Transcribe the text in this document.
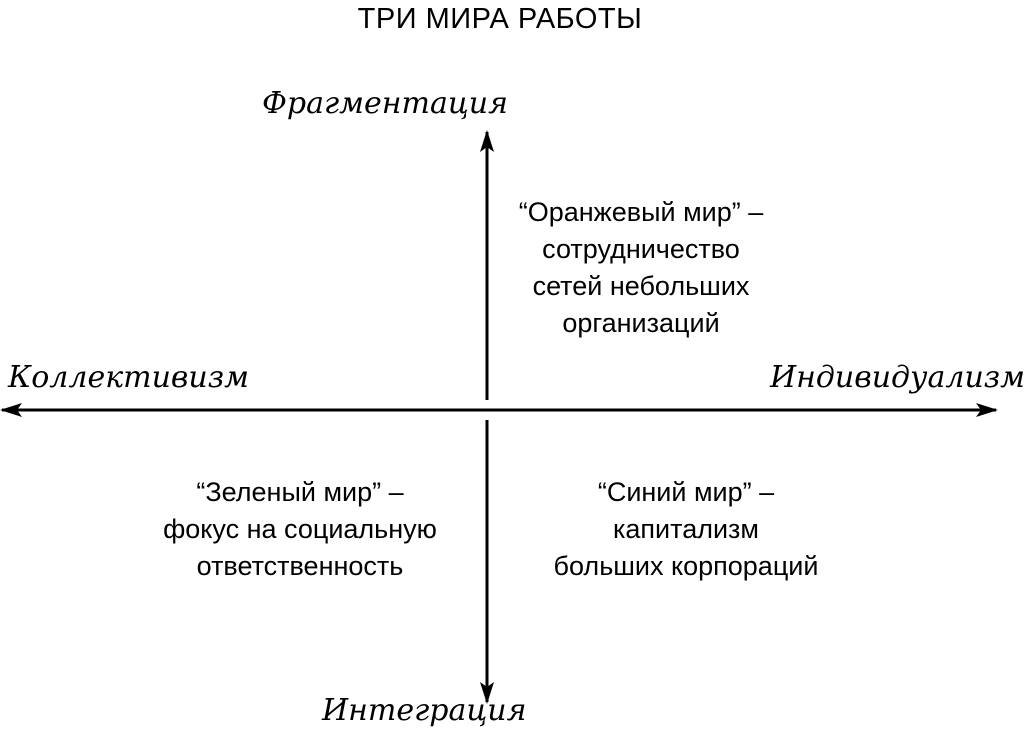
ТРИ МИРА РАБОТЫ
Фрагментация
Интеграция
Коллективизм	Индивидуализм
“Оранжевый мир” –
сотрудничество
сетей небольших
организаций
“Зеленый мир” –
фокус на социальную
ответственность
“Синий мир” –
капитализм
больших корпораций
